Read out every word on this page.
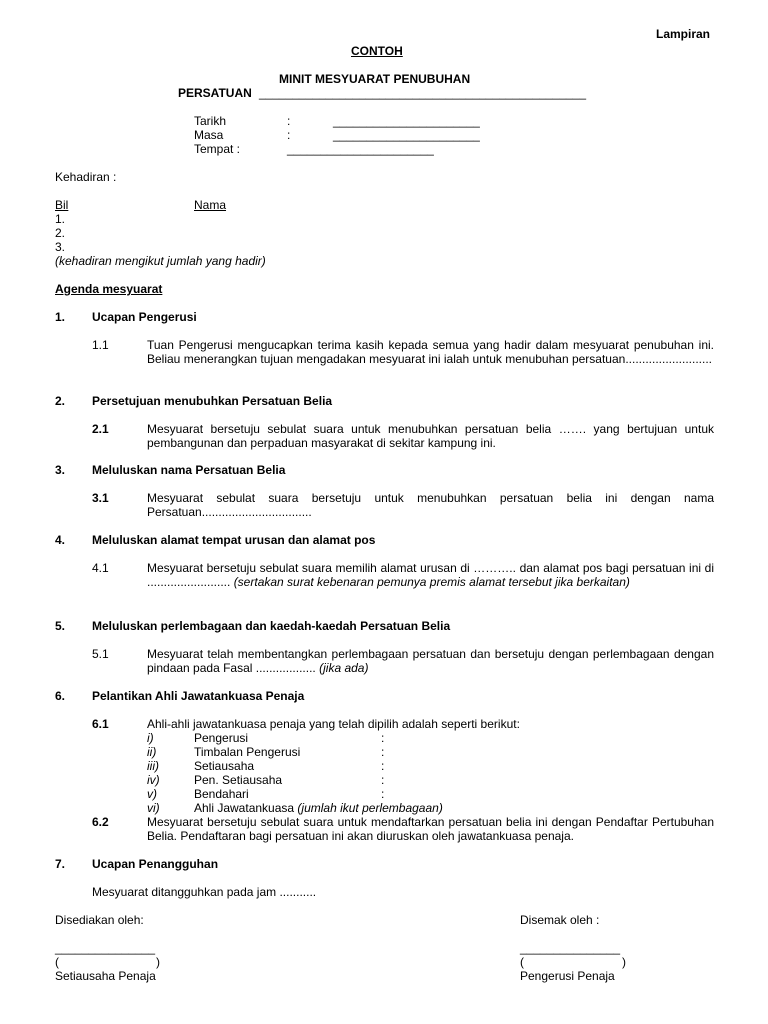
Lampiran
CONTOH
MINIT MESYUARAT PENUBUHAN
PERSATUAN _________________________________________________
Tarikh	:	______________________
Masa	:	______________________
Tempat :	______________________
Kehadiran :
Bil	Nama
1.
2.
3.
(kehadiran mengikut jumlah yang hadir)
Agenda mesyuarat
1. Ucapan Pengerusi
1.1	Tuan Pengerusi mengucapkan terima kasih kepada semua yang hadir dalam mesyuarat penubuhan ini. Beliau menerangkan tujuan mengadakan mesyuarat ini ialah untuk menubuhan persatuan..........................
2. Persetujuan menubuhkan Persatuan Belia
2.1	Mesyuarat bersetuju sebulat suara untuk menubuhkan persatuan belia ……. yang bertujuan untuk pembangunan dan perpaduan masyarakat di sekitar kampung ini.
3. Meluluskan nama Persatuan Belia
3.1	Mesyuarat sebulat suara bersetuju untuk menubuhkan persatuan belia ini dengan nama Persatuan.................................
4. Meluluskan alamat tempat urusan dan alamat pos
4.1	Mesyuarat bersetuju sebulat suara memilih alamat urusan di ……….. dan alamat pos bagi persatuan ini di ......................... (sertakan surat kebenaran pemunya premis alamat tersebut jika berkaitan)
5. Meluluskan perlembagaan dan kaedah-kaedah Persatuan Belia
5.1	Mesyuarat telah membentangkan perlembagaan persatuan dan bersetuju dengan perlembagaan dengan pindaan pada Fasal .................. (jika ada)
6. Pelantikan Ahli Jawatankuasa Penaja
6.1	Ahli-ahli jawatankuasa penaja yang telah dipilih adalah seperti berikut:
i)	Pengerusi	:
ii)	Timbalan Pengerusi	:
iii)	Setiausaha	:
iv)	Pen. Setiausaha	:
v)	Bendahari	:
vi)	Ahli Jawatankuasa (jumlah ikut perlembagaan)
6.2	Mesyuarat bersetuju sebulat suara untuk mendaftarkan persatuan belia ini dengan Pendaftar Pertubuhan Belia. Pendaftaran bagi persatuan ini akan diuruskan oleh jawatankuasa penaja.
7. Ucapan Penangguhan
Mesyuarat ditangguhkan pada jam ...........
Disediakan oleh:
_______________
(	)
Setiausaha Penaja
Disemak oleh :
_______________
(	)
Pengerusi Penaja
